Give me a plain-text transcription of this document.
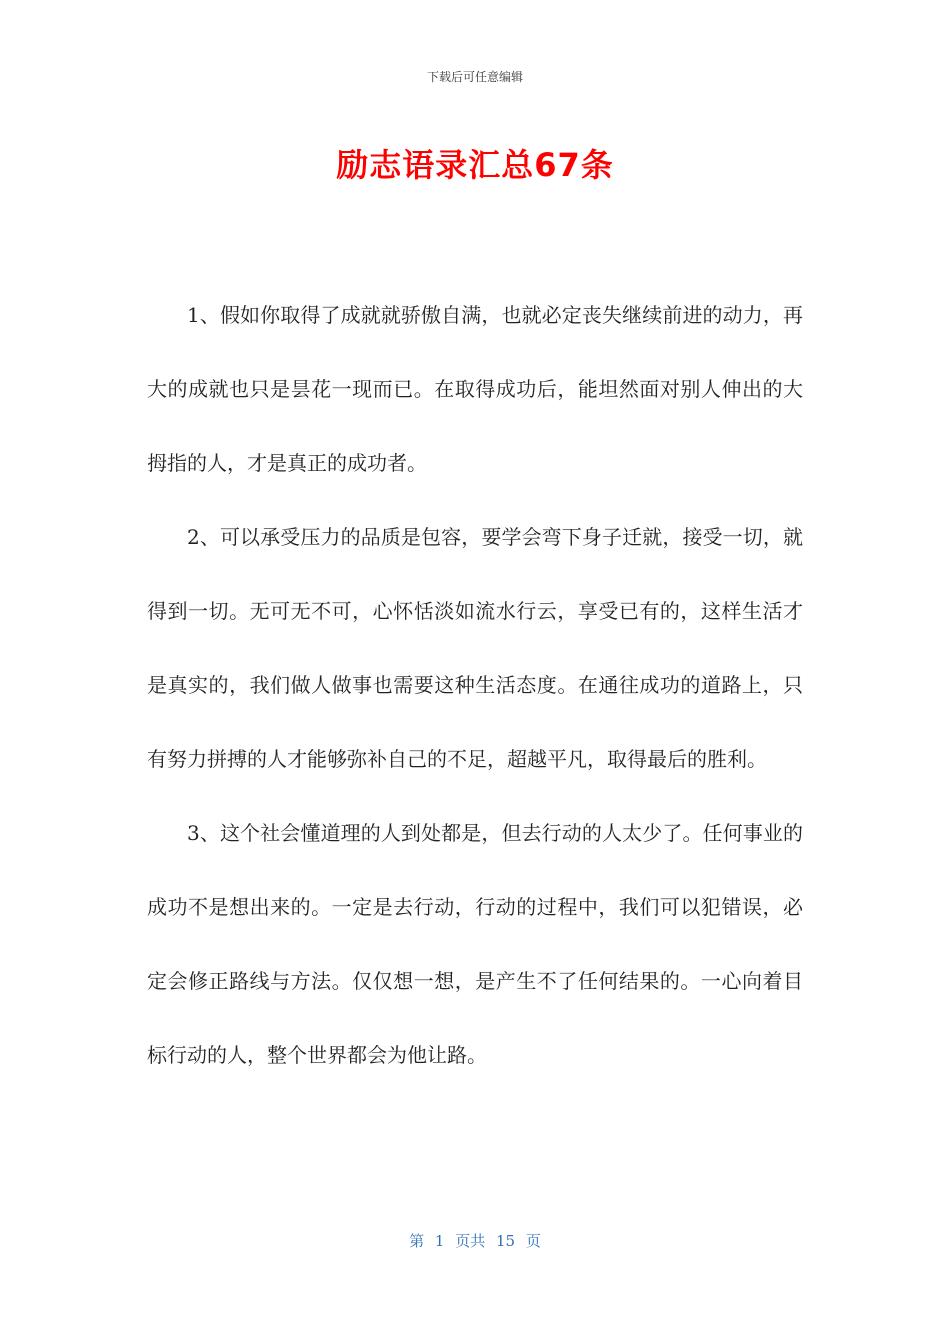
下载后可任意编辑
励志语录汇总67条

1、假如你取得了成就就骄傲自满，也就必定丧失继续前进的动力，再大的成就也只是昙花一现而已。在取得成功后，能坦然面对别人伸出的大拇指的人，才是真正的成功者。

2、可以承受压力的品质是包容，要学会弯下身子迁就，接受一切，就得到一切。无可无不可，心怀恬淡如流水行云，享受已有的，这样生活才是真实的，我们做人做事也需要这种生活态度。在通往成功的道路上，只有努力拼搏的人才能够弥补自己的不足，超越平凡，取得最后的胜利。

3、这个社会懂道理的人到处都是，但去行动的人太少了。任何事业的成功不是想出来的。一定是去行动，行动的过程中，我们可以犯错误，必定会修正路线与方法。仅仅想一想，是产生不了任何结果的。一心向着目标行动的人，整个世界都会为他让路。

第 1 页共 15 页
